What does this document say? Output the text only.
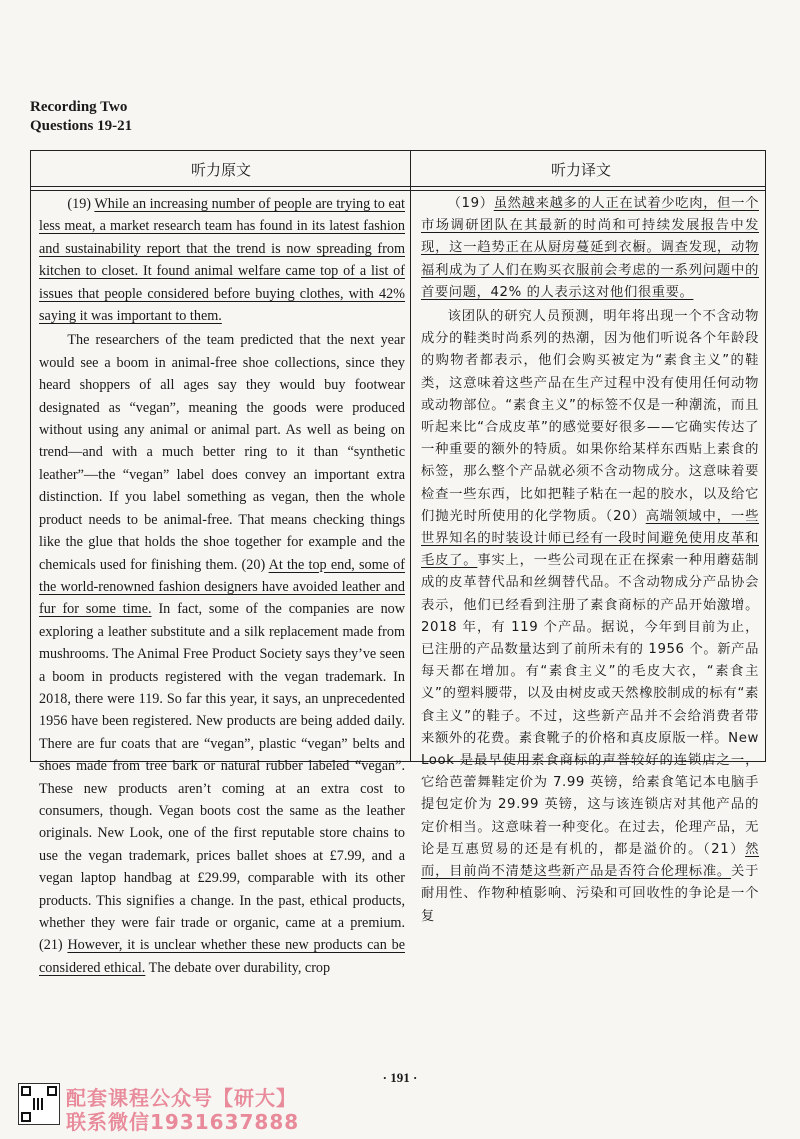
Recording Two
Questions 19-21
听力原文	听力译文

(19) While an increasing number of people are trying to eat less meat, a market research team has found in its latest fashion and sustainability report that the trend is now spreading from kitchen to closet. It found animal welfare came top of a list of issues that people considered before buying clothes, with 42% saying it was important to them.

The researchers of the team predicted that the next year would see a boom in animal-free shoe collections, since they heard shoppers of all ages say they would buy footwear designated as “vegan”, meaning the goods were produced without using any animal or animal part. As well as being on trend—and with a much better ring to it than “synthetic leather”—the “vegan” label does convey an important extra distinction. If you label something as vegan, then the whole product needs to be animal-free. That means checking things like the glue that holds the shoe together for example and the chemicals used for finishing them. (20) At the top end, some of the world-renowned fashion designers have avoided leather and fur for some time. In fact, some of the companies are now exploring a leather substitute and a silk replacement made from mushrooms. The Animal Free Product Society says they’ve seen a boom in products registered with the vegan trademark. In 2018, there were 119. So far this year, it says, an unprecedented 1956 have been registered. New products are being added daily. There are fur coats that are “vegan”, plastic “vegan” belts and shoes made from tree bark or natural rubber labeled “vegan”. These new products aren’t coming at an extra cost to consumers, though. Vegan boots cost the same as the leather originals. New Look, one of the first reputable store chains to use the vegan trademark, prices ballet shoes at £7.99, and a vegan laptop handbag at £29.99, comparable with its other products. This signifies a change. In the past, ethical products, whether they were fair trade or organic, came at a premium. (21) However, it is unclear whether these new products can be considered ethical. The debate over durability, crop

（19）虽然越来越多的人正在试着少吃肉，但一个市场调研团队在其最新的时尚和可持续发展报告中发现，这一趋势正在从厨房蔓延到衣橱。调查发现，动物福利成为了人们在购买衣服前会考虑的一系列问题中的首要问题，42% 的人表示这对他们很重要。

该团队的研究人员预测，明年将出现一个不含动物成分的鞋类时尚系列的热潮，因为他们听说各个年龄段的购物者都表示，他们会购买被定为“素食主义”的鞋类，这意味着这些产品在生产过程中没有使用任何动物或动物部位。“素食主义”的标签不仅是一种潮流，而且听起来比“合成皮革”的感觉要好很多——它确实传达了一种重要的额外的特质。如果你给某样东西贴上素食的标签，那么整个产品就必须不含动物成分。这意味着要检查一些东西，比如把鞋子粘在一起的胶水，以及给它们抛光时所使用的化学物质。（20）高端领域中，一些世界知名的时装设计师已经有一段时间避免使用皮革和毛皮了。事实上，一些公司现在正在探索一种用蘑菇制成的皮革替代品和丝绸替代品。不含动物成分产品协会表示，他们已经看到注册了素食商标的产品开始激增。2018 年，有 119 个产品。据说，今年到目前为止，已注册的产品数量达到了前所未有的 1956 个。新产品每天都在增加。有“素食主义”的毛皮大衣，“素食主义”的塑料腰带，以及由树皮或天然橡胶制成的标有“素食主义”的鞋子。不过，这些新产品并不会给消费者带来额外的花费。素食靴子的价格和真皮原版一样。New Look 是最早使用素食商标的声誉较好的连锁店之一，它给芭蕾舞鞋定价为 7.99 英镑，给素食笔记本电脑手提包定价为 29.99 英镑，这与该连锁店对其他产品的定价相当。这意味着一种变化。在过去，伦理产品，无论是互惠贸易的还是有机的，都是溢价的。（21）然而，目前尚不清楚这些新产品是否符合伦理标准。关于耐用性、作物种植影响、污染和可回收性的争论是一个复

· 191 ·
配套课程公众号【研大】
联系微信1931637888
